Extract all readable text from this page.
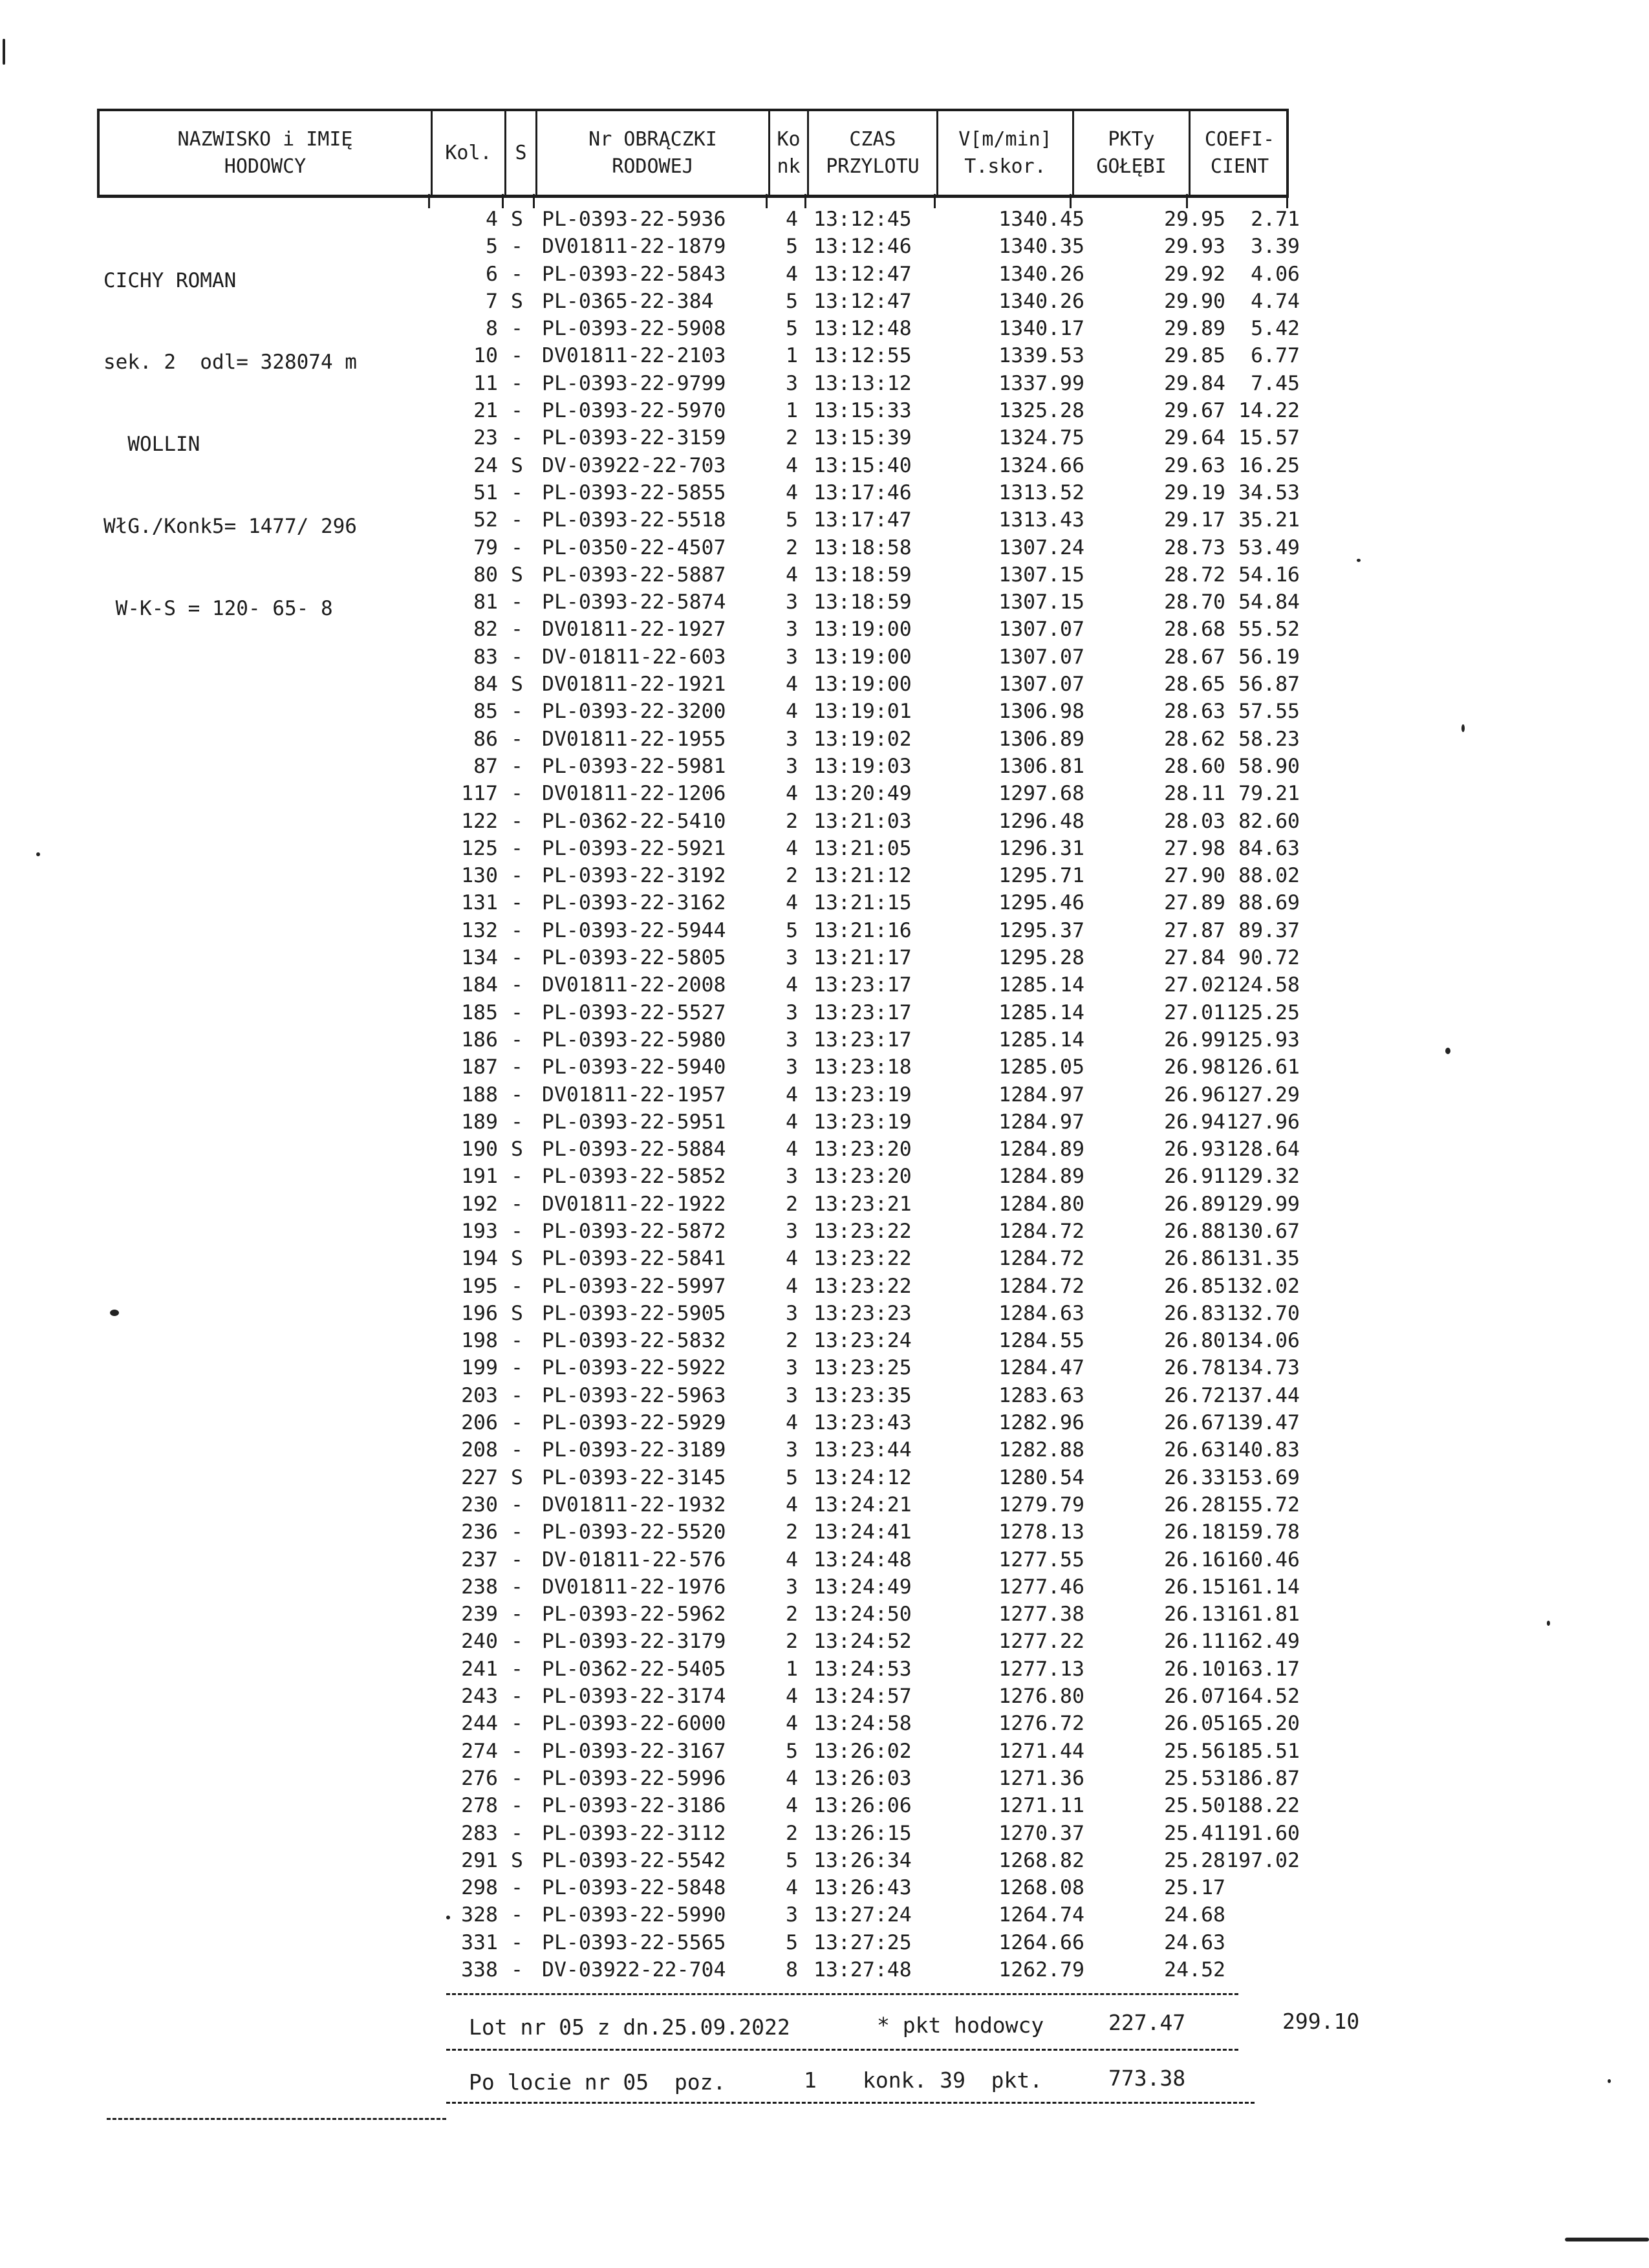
NAZWISKO i IMIĘ
HODOWCY
Kol.	S
Nr OBRĄCZKI
RODOWEJ
Ko
nk
CZAS
PRZYLOTU
V[m/min]
T.skor.
PKTy
GOŁĘBI
COEFI-
CIENT

CICHY ROMAN

sek. 2  odl= 328074 m

WOLLIN

WłG./Konk5= 1477/ 296

W-K-S = 120- 65- 8

4 S PL-0393-22-5936	4 13:12:45	1340.45	29.95 2.71
5 - DV01811-22-1879	5 13:12:46	1340.35	29.93 3.39
6 - PL-0393-22-5843	4 13:12:47	1340.26	29.92 4.06
7 S PL-0365-22-384	5 13:12:47	1340.26	29.90 4.74
8 - PL-0393-22-5908	5 13:12:48	1340.17	29.89 5.42
10 - DV01811-22-2103	1 13:12:55	1339.53	29.85 6.77
11 - PL-0393-22-9799	3 13:13:12	1337.99	29.84 7.45
21 - PL-0393-22-5970	1 13:15:33	1325.28	29.67 14.22
23 - PL-0393-22-3159	2 13:15:39	1324.75	29.64 15.57
24 S DV-03922-22-703	4 13:15:40	1324.66	29.63 16.25
51 - PL-0393-22-5855	4 13:17:46	1313.52	29.19 34.53
52 - PL-0393-22-5518	5 13:17:47	1313.43	29.17 35.21
79 - PL-0350-22-4507	2 13:18:58	1307.24	28.73 53.49
80 S PL-0393-22-5887	4 13:18:59	1307.15	28.72 54.16
81 - PL-0393-22-5874	3 13:18:59	1307.15	28.70 54.84
82 - DV01811-22-1927	3 13:19:00	1307.07	28.68 55.52
83 - DV-01811-22-603	3 13:19:00	1307.07	28.67 56.19
84 S DV01811-22-1921	4 13:19:00	1307.07	28.65 56.87
85 - PL-0393-22-3200	4 13:19:01	1306.98	28.63 57.55
86 - DV01811-22-1955	3 13:19:02	1306.89	28.62 58.23
87 - PL-0393-22-5981	3 13:19:03	1306.81	28.60 58.90
117 - DV01811-22-1206	4 13:20:49	1297.68	28.11 79.21
122 - PL-0362-22-5410	2 13:21:03	1296.48	28.03 82.60
125 - PL-0393-22-5921	4 13:21:05	1296.31	27.98 84.63
130 - PL-0393-22-3192	2 13:21:12	1295.71	27.90 88.02
131 - PL-0393-22-3162	4 13:21:15	1295.46	27.89 88.69
132 - PL-0393-22-5944	5 13:21:16	1295.37	27.87 89.37
134 - PL-0393-22-5805	3 13:21:17	1295.28	27.84 90.72
184 - DV01811-22-2008	4 13:23:17	1285.14	27.02 124.58
185 - PL-0393-22-5527	3 13:23:17	1285.14	27.01 125.25
186 - PL-0393-22-5980	3 13:23:17	1285.14	26.99 125.93
187 - PL-0393-22-5940	3 13:23:18	1285.05	26.98 126.61
188 - DV01811-22-1957	4 13:23:19	1284.97	26.96 127.29
189 - PL-0393-22-5951	4 13:23:19	1284.97	26.94 127.96
190 S PL-0393-22-5884	4 13:23:20	1284.89	26.93 128.64
191 - PL-0393-22-5852	3 13:23:20	1284.89	26.91 129.32
192 - DV01811-22-1922	2 13:23:21	1284.80	26.89 129.99
193 - PL-0393-22-5872	3 13:23:22	1284.72	26.88 130.67
194 S PL-0393-22-5841	4 13:23:22	1284.72	26.86 131.35
195 - PL-0393-22-5997	4 13:23:22	1284.72	26.85 132.02
196 S PL-0393-22-5905	3 13:23:23	1284.63	26.83 132.70
198 - PL-0393-22-5832	2 13:23:24	1284.55	26.80 134.06
199 - PL-0393-22-5922	3 13:23:25	1284.47	26.78 134.73
203 - PL-0393-22-5963	3 13:23:35	1283.63	26.72 137.44
206 - PL-0393-22-5929	4 13:23:43	1282.96	26.67 139.47
208 - PL-0393-22-3189	3 13:23:44	1282.88	26.63 140.83
227 S PL-0393-22-3145	5 13:24:12	1280.54	26.33 153.69
230 - DV01811-22-1932	4 13:24:21	1279.79	26.28 155.72
236 - PL-0393-22-5520	2 13:24:41	1278.13	26.18 159.78
237 - DV-01811-22-576	4 13:24:48	1277.55	26.16 160.46
238 - DV01811-22-1976	3 13:24:49	1277.46	26.15 161.14
239 - PL-0393-22-5962	2 13:24:50	1277.38	26.13 161.81
240 - PL-0393-22-3179	2 13:24:52	1277.22	26.11 162.49
241 - PL-0362-22-5405	1 13:24:53	1277.13	26.10 163.17
243 - PL-0393-22-3174	4 13:24:57	1276.80	26.07 164.52
244 - PL-0393-22-6000	4 13:24:58	1276.72	26.05 165.20
274 - PL-0393-22-3167	5 13:26:02	1271.44	25.56 185.51
276 - PL-0393-22-5996	4 13:26:03	1271.36	25.53 186.87
278 - PL-0393-22-3186	4 13:26:06	1271.11	25.50 188.22
283 - PL-0393-22-3112	2 13:26:15	1270.37	25.41 191.60
291 S PL-0393-22-5542	5 13:26:34	1268.82	25.28 197.02
298 - PL-0393-22-5848	4 13:26:43	1268.08	25.17
328 - PL-0393-22-5990	3 13:27:24	1264.74	24.68
331 - PL-0393-22-5565	5 13:27:25	1264.66	24.63
338 - DV-03922-22-704	8 13:27:48	1262.79	24.52
Lot nr 05 z dn.25.09.2022	* pkt hodowcy	227.47	299.10
Po locie nr 05  poz.	1 konk. 39  pkt.	773.38
